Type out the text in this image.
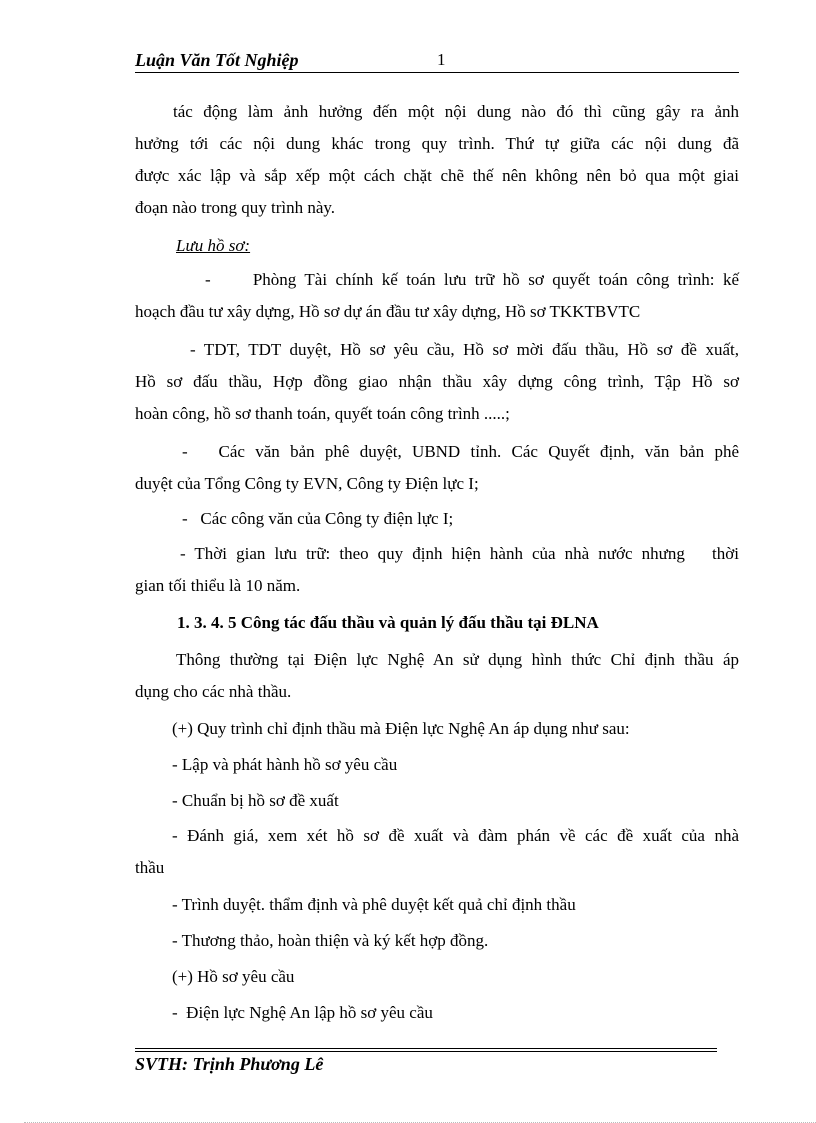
Luận Văn Tốt Nghiệp	1
tác động làm ảnh hưởng đến một nội dung nào đó thì cũng gây ra ảnh
hưởng tới các nội dung khác trong quy trình. Thứ tự giữa các nội dung đã
được xác lập và sắp xếp một cách chặt chẽ thế nên không nên bỏ qua một giai
đoạn nào trong quy trình này.
Lưu hồ sơ:
-     Phòng Tài chính kế toán lưu trữ hồ sơ quyết toán công trình: kế
hoạch đầu tư xây dựng, Hồ sơ dự án đầu tư xây dựng, Hồ sơ TKKTBVTC
- TDT, TDT duyệt, Hồ sơ yêu cầu, Hồ sơ mời đấu thầu, Hồ sơ đề xuất,
Hồ sơ đấu thầu, Hợp đồng giao nhận thầu xây dựng công trình, Tập Hồ sơ
hoàn công, hồ sơ thanh toán, quyết toán công trình .....;
-   Các văn bản phê duyệt, UBND tỉnh. Các Quyết định, văn bản phê
duyệt của Tổng Công ty EVN, Công ty Điện lực I;
-   Các công văn của Công ty điện lực I;
- Thời gian lưu trữ: theo quy định hiện hành của nhà nước nhưng   thời
gian tối thiểu là 10 năm.
1. 3. 4. 5 Công tác đấu thầu và quản lý đấu thầu tại ĐLNA
Thông thường tại Điện lực Nghệ An sử dụng hình thức Chỉ định thầu áp
dụng cho các nhà thầu.
(+) Quy trình chỉ định thầu mà Điện lực Nghệ An áp dụng như sau:
- Lập và phát hành hồ sơ yêu cầu
- Chuẩn bị hồ sơ đề xuất
- Đánh giá, xem xét hồ sơ đề xuất và đàm phán về các đề xuất của nhà
thầu
- Trình duyệt. thẩm định và phê duyệt kết quả chỉ định thầu
- Thương thảo, hoàn thiện và ký kết hợp đồng.
(+) Hồ sơ yêu cầu
-  Điện lực Nghệ An lập hồ sơ yêu cầu
SVTH: Trịnh Phương Lê
